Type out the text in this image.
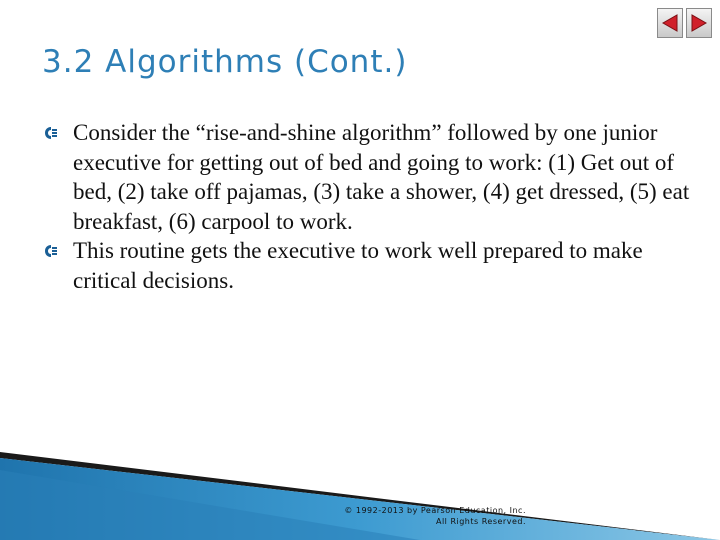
3.2 Algorithms (Cont.)
Consider the “rise-and-shine algorithm” followed by one junior executive for getting out of bed and going to work: (1) Get out of bed, (2) take off pajamas, (3) take a shower, (4) get dressed, (5) eat breakfast, (6) carpool to work.
This routine gets the executive to work well prepared to make critical decisions.
© 1992-2013 by Pearson Education, Inc.
All Rights Reserved.
